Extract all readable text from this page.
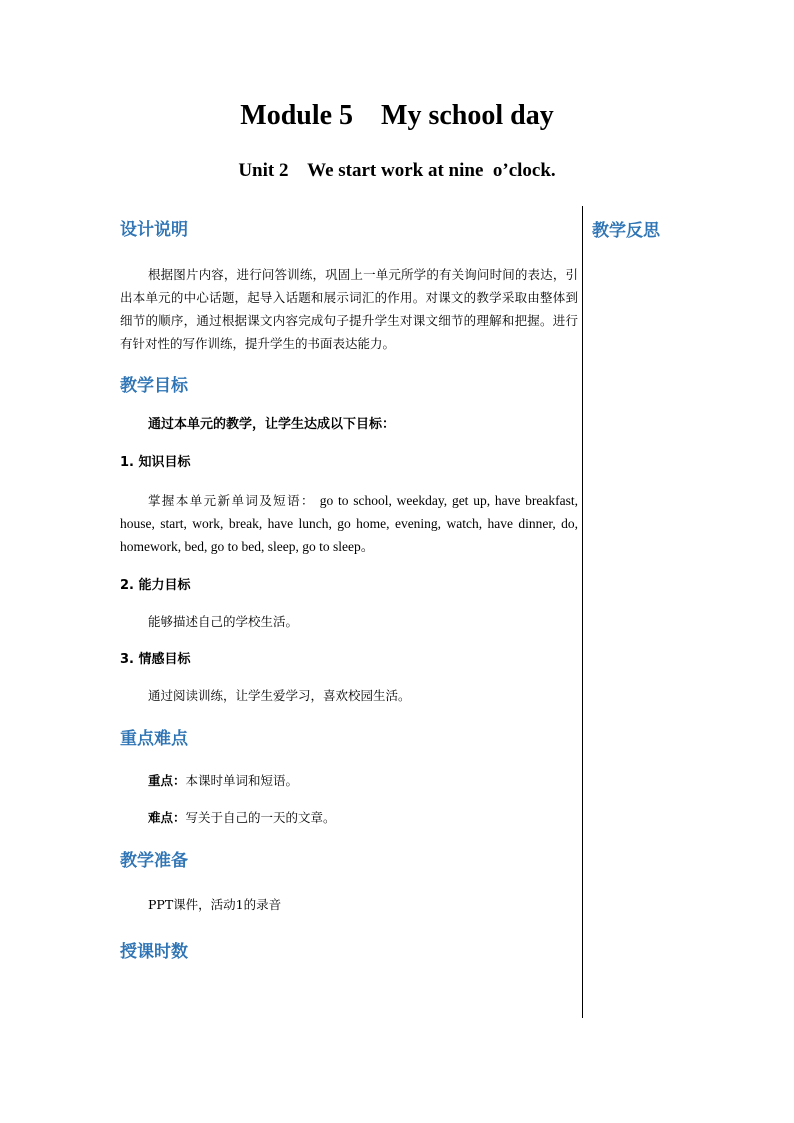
Module 5    My school day
Unit 2    We start work at nine  o’clock.
教学反思

设计说明

根据图片内容，进行问答训练，巩固上一单元所学的有关询问时间的表达，引出本单元的中心话题，起导入话题和展示词汇的作用。对课文的教学采取由整体到细节的顺序，通过根据课文内容完成句子提升学生对课文细节的理解和把握。进行有针对性的写作训练，提升学生的书面表达能力。

教学目标

通过本单元的教学，让学生达成以下目标：

1. 知识目标

掌握本单元新单词及短语： go to school, weekday, get up, have breakfast, house, start, work, break, have lunch, go home, evening, watch, have dinner, do, homework, bed, go to bed, sleep, go to sleep。

2. 能力目标

能够描述自己的学校生活。

3. 情感目标

通过阅读训练，让学生爱学习，喜欢校园生活。

重点难点

重点：本课时单词和短语。

难点：写关于自己的一天的文章。

教学准备

PPT课件，活动1的录音

授课时数
